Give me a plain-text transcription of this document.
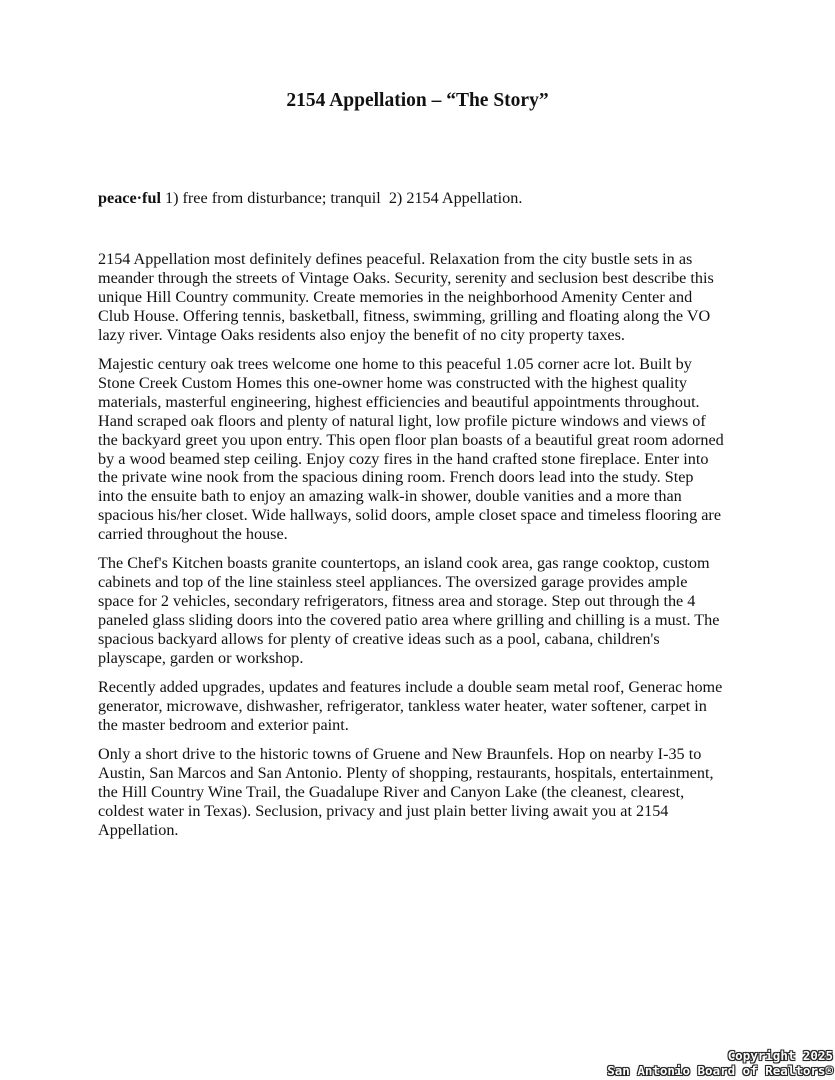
2154 Appellation – “The Story”

peace·ful 1) free from disturbance; tranquil  2) 2154 Appellation.

2154 Appellation most definitely defines peaceful. Relaxation from the city bustle sets in as
meander through the streets of Vintage Oaks. Security, serenity and seclusion best describe this
unique Hill Country community. Create memories in the neighborhood Amenity Center and
Club House. Offering tennis, basketball, fitness, swimming, grilling and floating along the VO
lazy river. Vintage Oaks residents also enjoy the benefit of no city property taxes.
Majestic century oak trees welcome one home to this peaceful 1.05 corner acre lot. Built by
Stone Creek Custom Homes this one-owner home was constructed with the highest quality
materials, masterful engineering, highest efficiencies and beautiful appointments throughout.
Hand scraped oak floors and plenty of natural light, low profile picture windows and views of
the backyard greet you upon entry. This open floor plan boasts of a beautiful great room adorned
by a wood beamed step ceiling. Enjoy cozy fires in the hand crafted stone fireplace. Enter into
the private wine nook from the spacious dining room. French doors lead into the study. Step
into the ensuite bath to enjoy an amazing walk-in shower, double vanities and a more than
spacious his/her closet. Wide hallways, solid doors, ample closet space and timeless flooring are
carried throughout the house.
The Chef's Kitchen boasts granite countertops, an island cook area, gas range cooktop, custom
cabinets and top of the line stainless steel appliances. The oversized garage provides ample
space for 2 vehicles, secondary refrigerators, fitness area and storage. Step out through the 4
paneled glass sliding doors into the covered patio area where grilling and chilling is a must. The
spacious backyard allows for plenty of creative ideas such as a pool, cabana, children's
playscape, garden or workshop.
Recently added upgrades, updates and features include a double seam metal roof, Generac home
generator, microwave, dishwasher, refrigerator, tankless water heater, water softener, carpet in
the master bedroom and exterior paint.
Only a short drive to the historic towns of Gruene and New Braunfels. Hop on nearby I-35 to
Austin, San Marcos and San Antonio. Plenty of shopping, restaurants, hospitals, entertainment,
the Hill Country Wine Trail, the Guadalupe River and Canyon Lake (the cleanest, clearest,
coldest water in Texas). Seclusion, privacy and just plain better living await you at 2154
Appellation.
Copyright 2025
San Antonio Board of Realtors®
